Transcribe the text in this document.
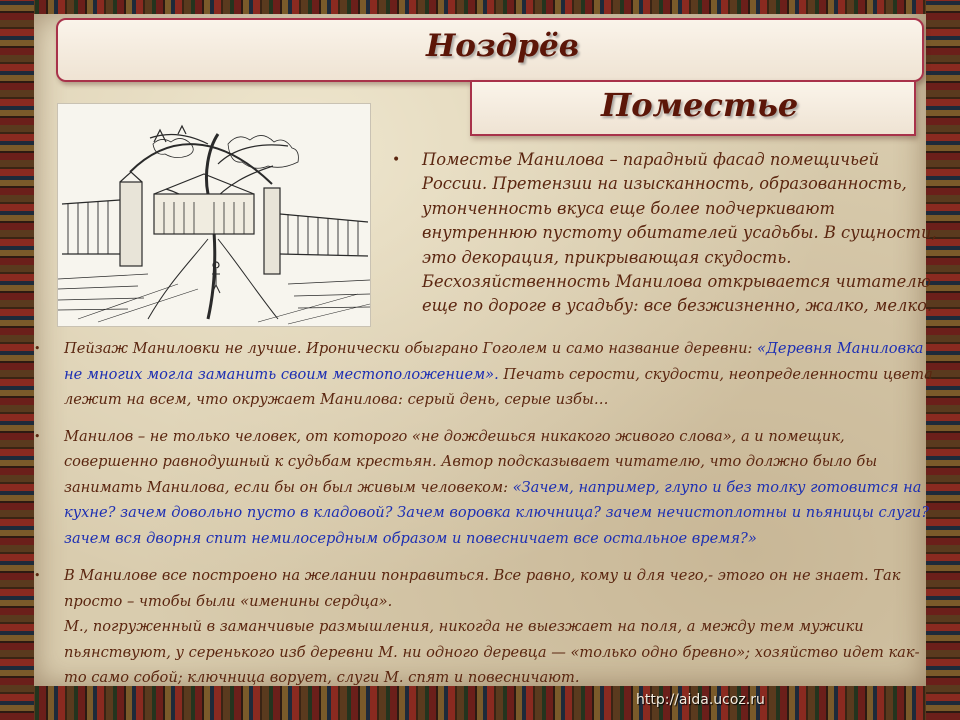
Ноздрёв
Поместье

• Поместье Манилова – парадный фасад помещичьей России. Претензии на изысканность, образованность, утонченность вкуса еще более подчеркивают внутреннюю пустоту обитателей усадьбы. В сущности, это декорация, прикрывающая скудость. Бесхозяйственность Манилова открывается читателю еще по дороге в усадьбу: все безжизненно, жалко, мелко.

• Пейзаж Маниловки не лучше. Иронически обыграно Гоголем и само название деревни: «Деревня Маниловка не многих могла заманить своим местоположением». Печать серости, скудости, неопределенности цвета лежит на всем, что окружает Манилова: серый день, серые избы…

• Манилов – не только человек, от которого «не дождешься никакого живого слова», а и помещик, совершенно равнодушный к судьбам крестьян. Автор подсказывает читателю, что должно было бы занимать Манилова, если бы он был живым человеком: «Зачем, например, глупо и без толку готовится на кухне? зачем довольно пусто в кладовой? Зачем воровка ключница? зачем нечистоплотны и пьяницы слуги? зачем вся дворня спит немилосердным образом и повесничает все остальное время?»

• В Манилове все построено на желании понравиться. Все равно, кому и для чего,- этого он не знает. Так просто – чтобы были «именины сердца».
М., погруженный в заманчивые размышления, никогда не выезжает на поля, а между тем мужики пьянствуют, у серенького изб деревни М. ни одного деревца — «только одно бревно»; хозяйство идет как-то само собой; ключница ворует, слуги М. спят и повесничают.

http://aida.ucoz.ru
